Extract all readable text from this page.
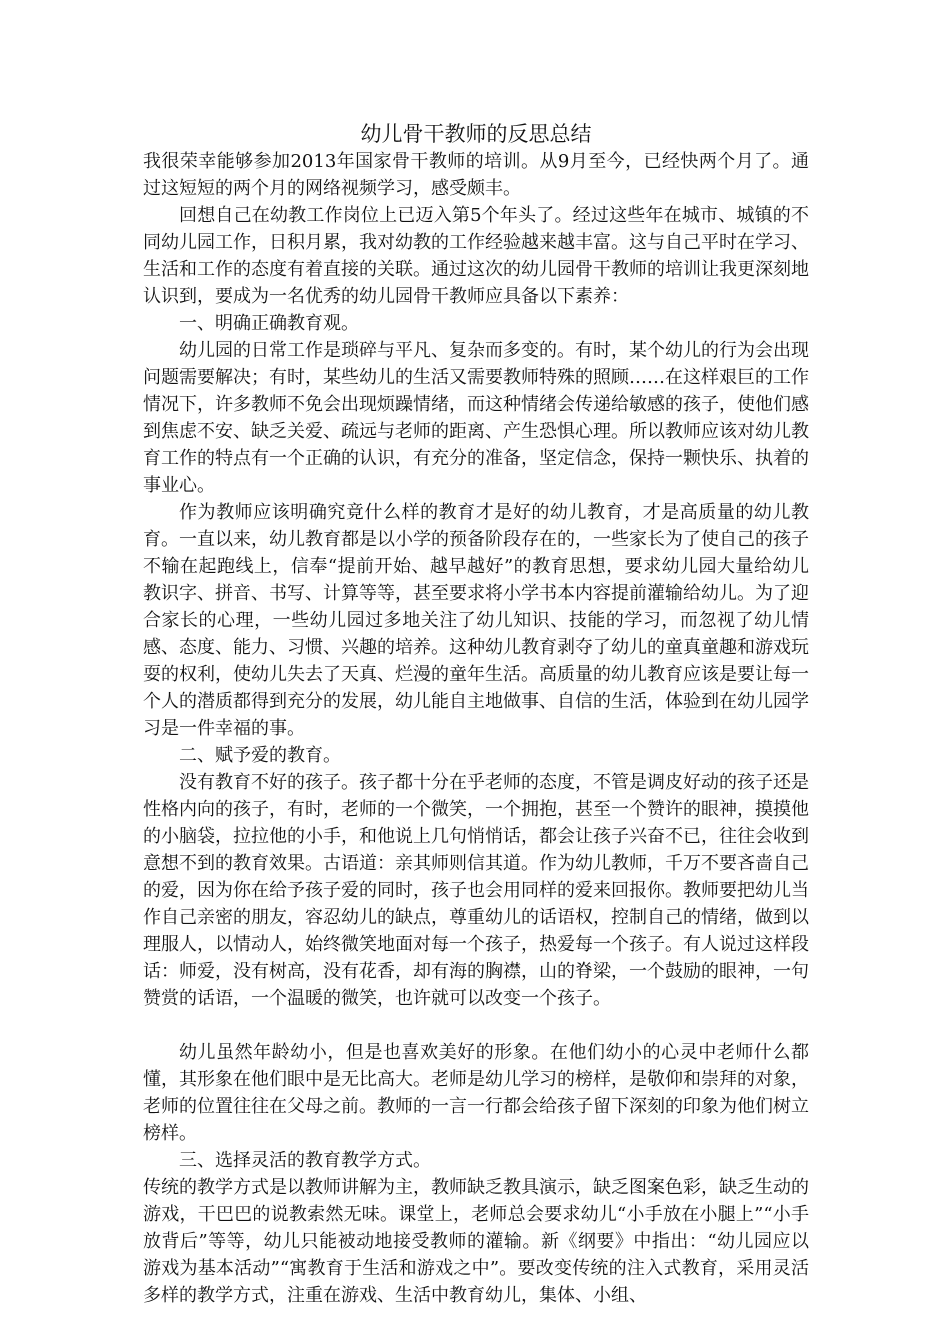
幼儿骨干教师的反思总结

我很荣幸能够参加2013年国家骨干教师的培训。从9月至今，已经快两个月了。通过这短短的两个月的网络视频学习，感受颇丰。

回想自己在幼教工作岗位上已迈入第5个年头了。经过这些年在城市、城镇的不同幼儿园工作，日积月累，我对幼教的工作经验越来越丰富。这与自己平时在学习、生活和工作的态度有着直接的关联。通过这次的幼儿园骨干教师的培训让我更深刻地认识到，要成为一名优秀的幼儿园骨干教师应具备以下素养：

一、明确正确教育观。

幼儿园的日常工作是琐碎与平凡、复杂而多变的。有时，某个幼儿的行为会出现问题需要解决；有时，某些幼儿的生活又需要教师特殊的照顾……在这样艰巨的工作情况下，许多教师不免会出现烦躁情绪，而这种情绪会传递给敏感的孩子，使他们感到焦虑不安、缺乏关爱、疏远与老师的距离、产生恐惧心理。所以教师应该对幼儿教育工作的特点有一个正确的认识，有充分的准备，坚定信念，保持一颗快乐、执着的事业心。

作为教师应该明确究竟什么样的教育才是好的幼儿教育，才是高质量的幼儿教育。一直以来，幼儿教育都是以小学的预备阶段存在的，一些家长为了使自己的孩子不输在起跑线上，信奉“提前开始、越早越好”的教育思想，要求幼儿园大量给幼儿教识字、拼音、书写、计算等等，甚至要求将小学书本内容提前灌输给幼儿。为了迎合家长的心理，一些幼儿园过多地关注了幼儿知识、技能的学习，而忽视了幼儿情感、态度、能力、习惯、兴趣的培养。这种幼儿教育剥夺了幼儿的童真童趣和游戏玩耍的权利，使幼儿失去了天真、烂漫的童年生活。高质量的幼儿教育应该是要让每一个人的潜质都得到充分的发展，幼儿能自主地做事、自信的生活，体验到在幼儿园学习是一件幸福的事。

二、赋予爱的教育。

没有教育不好的孩子。孩子都十分在乎老师的态度，不管是调皮好动的孩子还是性格内向的孩子，有时，老师的一个微笑，一个拥抱，甚至一个赞许的眼神，摸摸他的小脑袋，拉拉他的小手，和他说上几句悄悄话，都会让孩子兴奋不已，往往会收到意想不到的教育效果。古语道：亲其师则信其道。作为幼儿教师，千万不要吝啬自己的爱，因为你在给予孩子爱的同时，孩子也会用同样的爱来回报你。教师要把幼儿当作自己亲密的朋友，容忍幼儿的缺点，尊重幼儿的话语权，控制自己的情绪，做到以理服人，以情动人，始终微笑地面对每一个孩子，热爱每一个孩子。有人说过这样段话：师爱，没有树高，没有花香，却有海的胸襟，山的脊梁，一个鼓励的眼神，一句赞赏的话语，一个温暖的微笑，也许就可以改变一个孩子。

幼儿虽然年龄幼小，但是也喜欢美好的形象。在他们幼小的心灵中老师什么都懂，其形象在他们眼中是无比高大。老师是幼儿学习的榜样，是敬仰和崇拜的对象，老师的位置往往在父母之前。教师的一言一行都会给孩子留下深刻的印象为他们树立榜样。

三、选择灵活的教育教学方式。

传统的教学方式是以教师讲解为主，教师缺乏教具演示，缺乏图案色彩，缺乏生动的游戏，干巴巴的说教索然无味。课堂上，老师总会要求幼儿“小手放在小腿上”“小手放背后”等等，幼儿只能被动地接受教师的灌输。新《纲要》中指出：“幼儿园应以游戏为基本活动”“寓教育于生活和游戏之中”。要改变传统的注入式教育，采用灵活多样的教学方式，注重在游戏、生活中教育幼儿，集体、小组、
